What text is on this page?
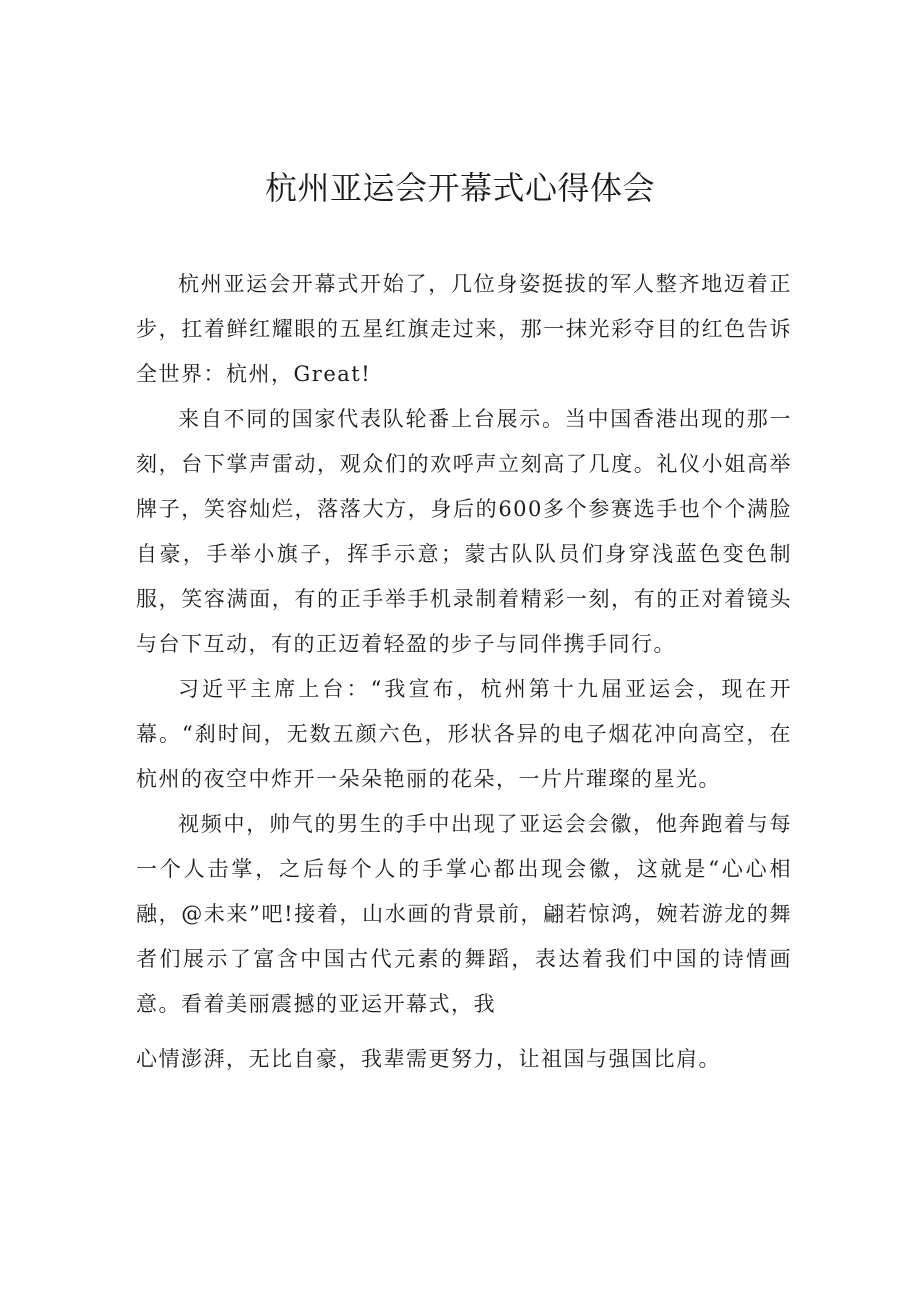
杭州亚运会开幕式心得体会

杭州亚运会开幕式开始了，几位身姿挺拔的军人整齐地迈着正步，扛着鲜红耀眼的五星红旗走过来，那一抹光彩夺目的红色告诉全世界：杭州，Great!

来自不同的国家代表队轮番上台展示。当中国香港出现的那一刻，台下掌声雷动，观众们的欢呼声立刻高了几度。礼仪小姐高举牌子，笑容灿烂，落落大方，身后的600多个参赛选手也个个满脸自豪，手举小旗子，挥手示意；蒙古队队员们身穿浅蓝色变色制服，笑容满面，有的正手举手机录制着精彩一刻，有的正对着镜头与台下互动，有的正迈着轻盈的步子与同伴携手同行。

习近平主席上台：“我宣布，杭州第十九届亚运会，现在开幕。“刹时间，无数五颜六色，形状各异的电子烟花冲向高空，在杭州的夜空中炸开一朵朵艳丽的花朵，一片片璀璨的星光。

视频中，帅气的男生的手中出现了亚运会会徽，他奔跑着与每一个人击掌，之后每个人的手掌心都出现会徽，这就是“心心相融，@未来”吧!接着，山水画的背景前，翩若惊鸿，婉若游龙的舞者们展示了富含中国古代元素的舞蹈，表达着我们中国的诗情画意。看着美丽震撼的亚运开幕式，我

心情澎湃，无比自豪，我辈需更努力，让祖国与强国比肩。
